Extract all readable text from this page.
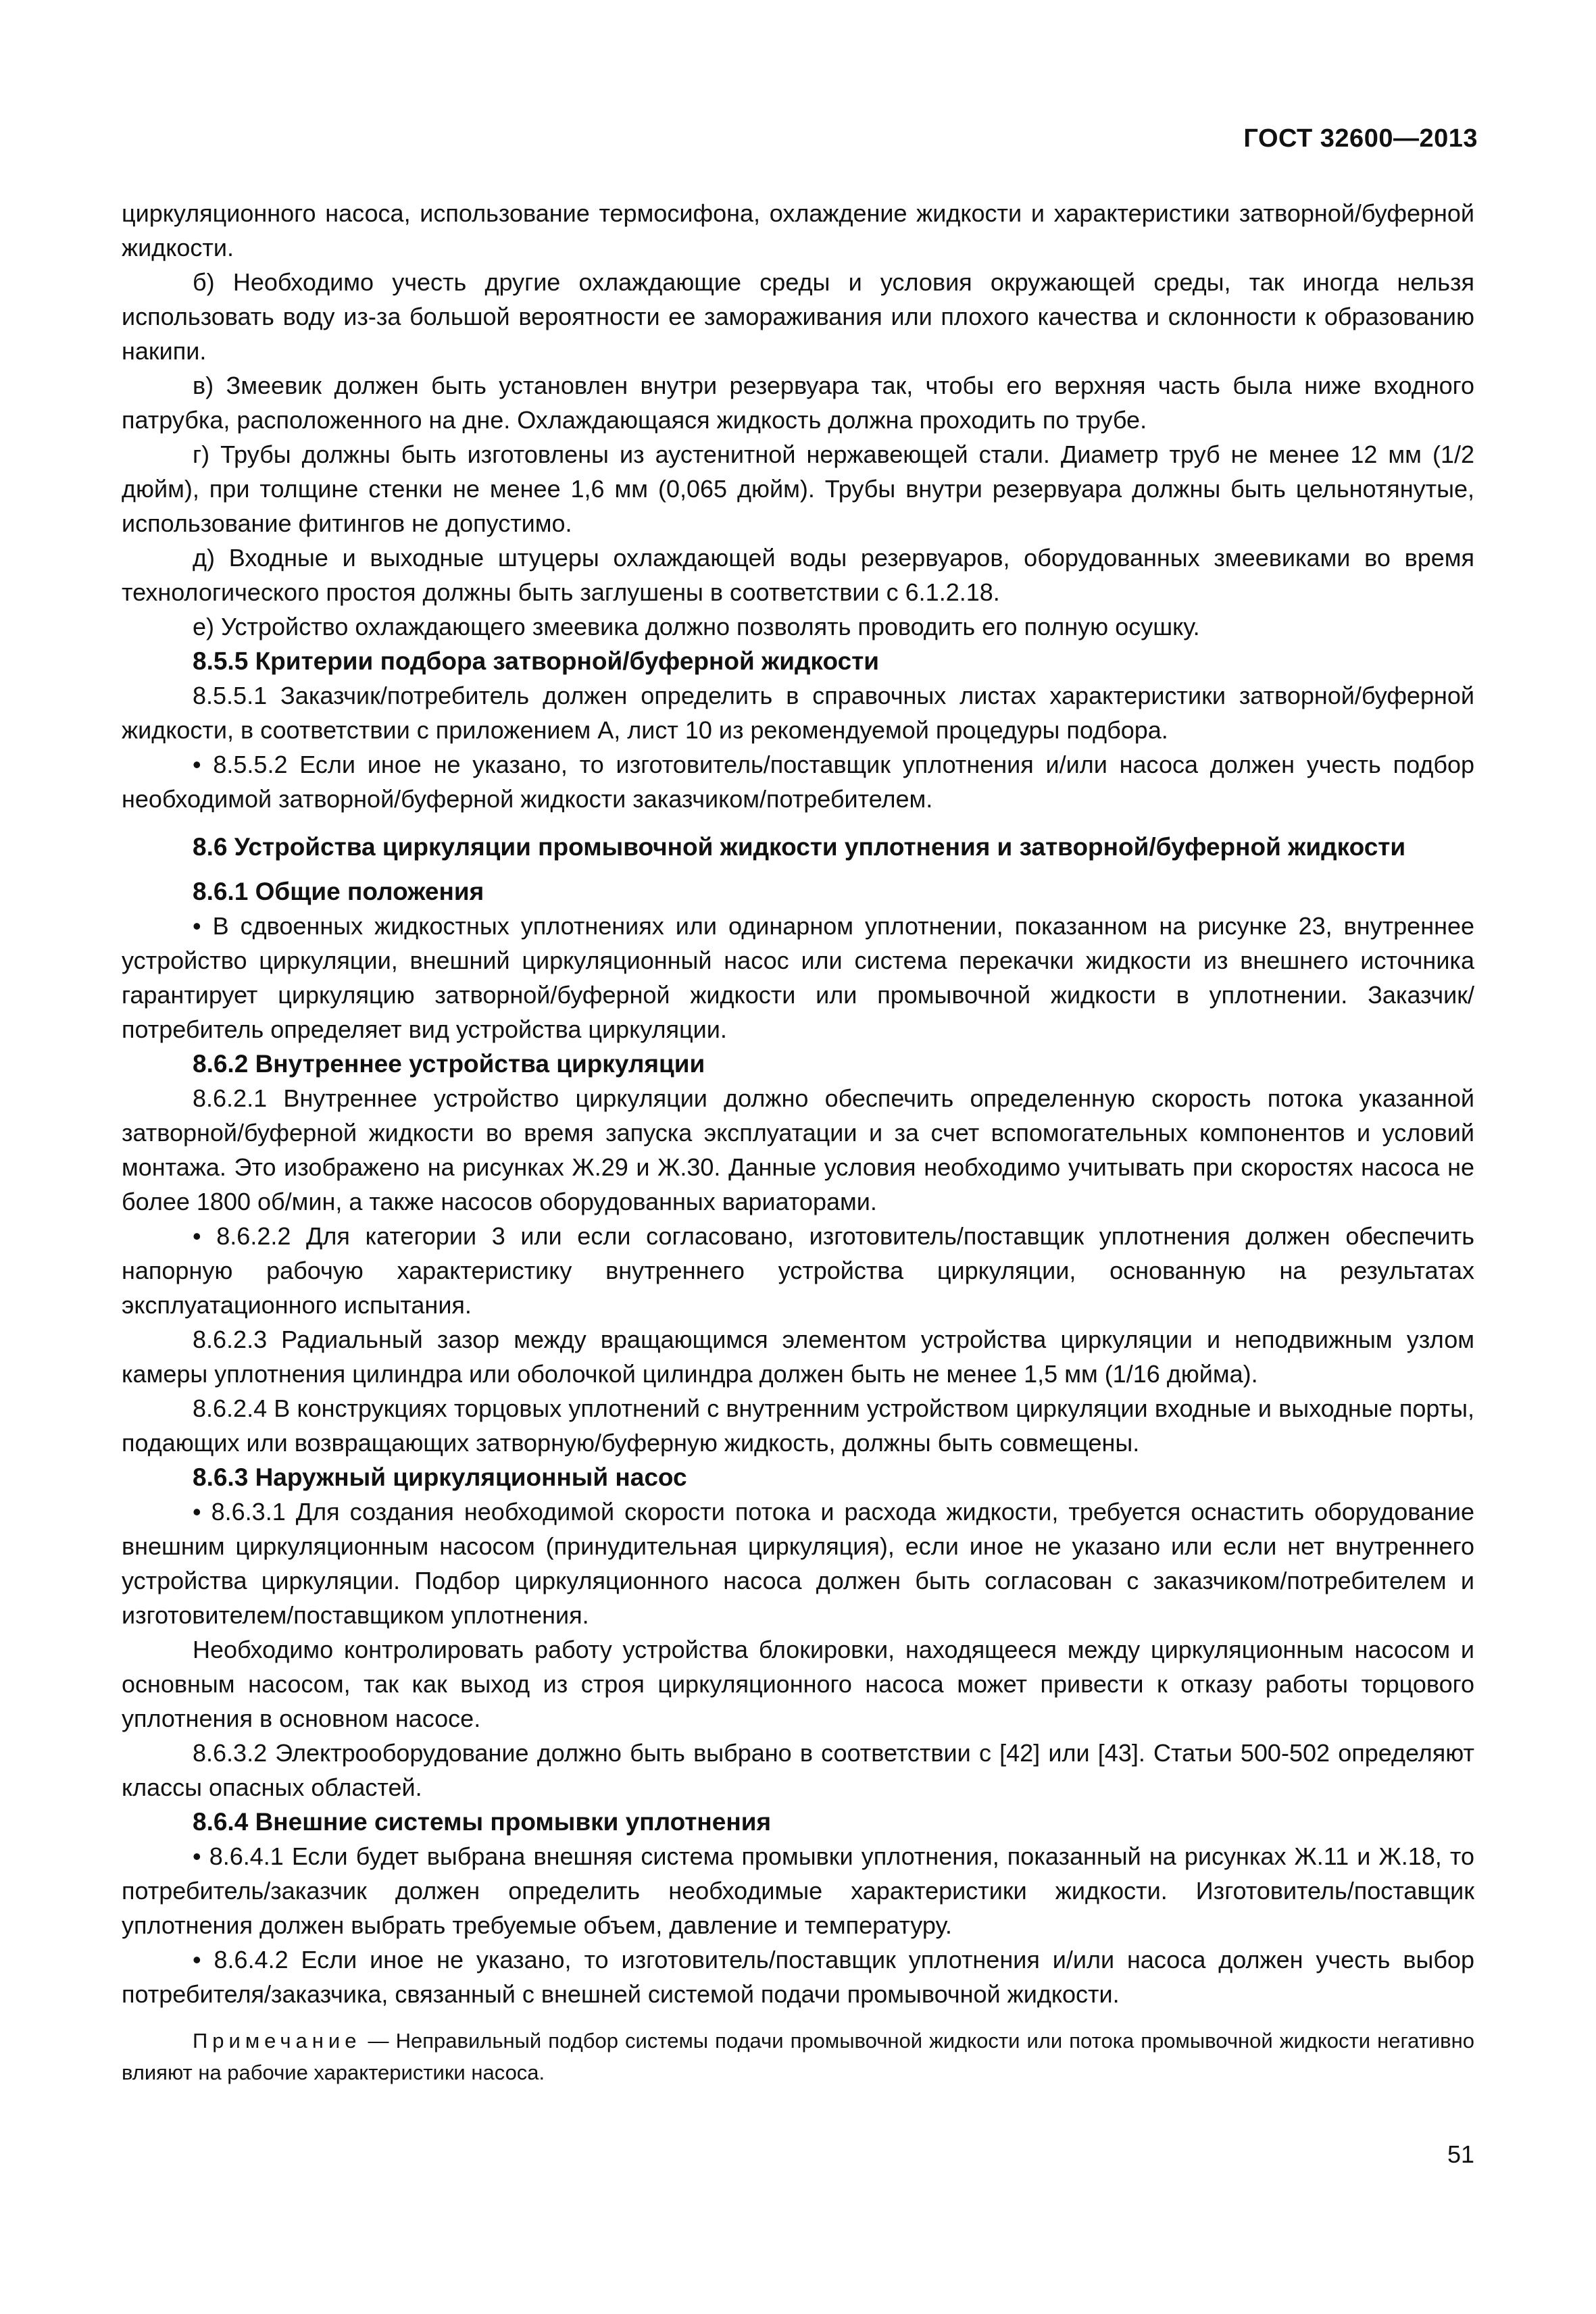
ГОСТ 32600—2013

циркуляционного насоса, использование термосифона, охлаждение жидкости и характеристики затворной/буферной жидкости.

б) Необходимо учесть другие охлаждающие среды и условия окружающей среды, так иногда нельзя использовать воду из-за большой вероятности ее замораживания или плохого качества и склонности к образованию накипи.

в) Змеевик должен быть установлен внутри резервуара так, чтобы его верхняя часть была ниже входного патрубка, расположенного на дне. Охлаждающаяся жидкость должна проходить по трубе.

г) Трубы должны быть изготовлены из аустенитной нержавеющей стали. Диаметр труб не менее 12 мм (1/2 дюйм), при толщине стенки не менее 1,6 мм (0,065 дюйм). Трубы внутри резервуара должны быть цельнотянутые, использование фитингов не допустимо.

д) Входные и выходные штуцеры охлаждающей воды резервуаров, оборудованных змеевиками во время технологического простоя должны быть заглушены в соответствии с 6.1.2.18.

е) Устройство охлаждающего змеевика должно позволять проводить его полную осушку.

8.5.5 Критерии подбора затворной/буферной жидкости

8.5.5.1 Заказчик/потребитель должен определить в справочных листах характеристики затворной/буферной жидкости, в соответствии с приложением А, лист 10 из рекомендуемой процедуры подбора.

• 8.5.5.2 Если иное не указано, то изготовитель/поставщик уплотнения и/или насоса должен учесть подбор необходимой затворной/буферной жидкости заказчиком/потребителем.

8.6 Устройства циркуляции промывочной жидкости уплотнения и затворной/буферной жидкости
8.6.1 Общие положения

• В сдвоенных жидкостных уплотнениях или одинарном уплотнении, показанном на рисунке 23, внутреннее устройство циркуляции, внешний циркуляционный насос или система перекачки жидкости из внешнего источника гарантирует циркуляцию затворной/буферной жидкости или промывочной жидкости в уплотнении. Заказчик/потребитель определяет вид устройства циркуляции.

8.6.2 Внутреннее устройства циркуляции

8.6.2.1 Внутреннее устройство циркуляции должно обеспечить определенную скорость потока указанной затворной/буферной жидкости во время запуска эксплуатации и за счет вспомогательных компонентов и условий монтажа. Это изображено на рисунках Ж.29 и Ж.30. Данные условия необходимо учитывать при скоростях насоса не более 1800 об/мин, а также насосов оборудованных вариаторами.

• 8.6.2.2 Для категории 3 или если согласовано, изготовитель/поставщик уплотнения должен обеспечить напорную рабочую характеристику внутреннего устройства циркуляции, основанную на результатах эксплуатационного испытания.

8.6.2.3 Радиальный зазор между вращающимся элементом устройства циркуляции и неподвижным узлом камеры уплотнения цилиндра или оболочкой цилиндра должен быть не менее 1,5 мм (1/16 дюйма).

8.6.2.4 В конструкциях торцовых уплотнений с внутренним устройством циркуляции входные и выходные порты, подающих или возвращающих затворную/буферную жидкость, должны быть совмещены.

8.6.3 Наружный циркуляционный насос

• 8.6.3.1 Для создания необходимой скорости потока и расхода жидкости, требуется оснастить оборудование внешним циркуляционным насосом (принудительная циркуляция), если иное не указано или если нет внутреннего устройства циркуляции. Подбор циркуляционного насоса должен быть согласован с заказчиком/потребителем и изготовителем/поставщиком уплотнения.

Необходимо контролировать работу устройства блокировки, находящееся между циркуляционным насосом и основным насосом, так как выход из строя циркуляционного насоса может привести к отказу работы торцового уплотнения в основном насосе.

8.6.3.2 Электрооборудование должно быть выбрано в соответствии с [42] или [43]. Статьи 500-502 определяют классы опасных областей.

8.6.4 Внешние системы промывки уплотнения

• 8.6.4.1 Если будет выбрана внешняя система промывки уплотнения, показанный на рисунках Ж.11 и Ж.18, то потребитель/заказчик должен определить необходимые характеристики жидкости. Изготовитель/поставщик уплотнения должен выбрать требуемые объем, давление и температуру.

• 8.6.4.2 Если иное не указано, то изготовитель/поставщик уплотнения и/или насоса должен учесть выбор потребителя/заказчика, связанный с внешней системой подачи промывочной жидкости.

Примечание — Неправильный подбор системы подачи промывочной жидкости или потока промывочной жидкости негативно влияют на рабочие характеристики насоса.

51
